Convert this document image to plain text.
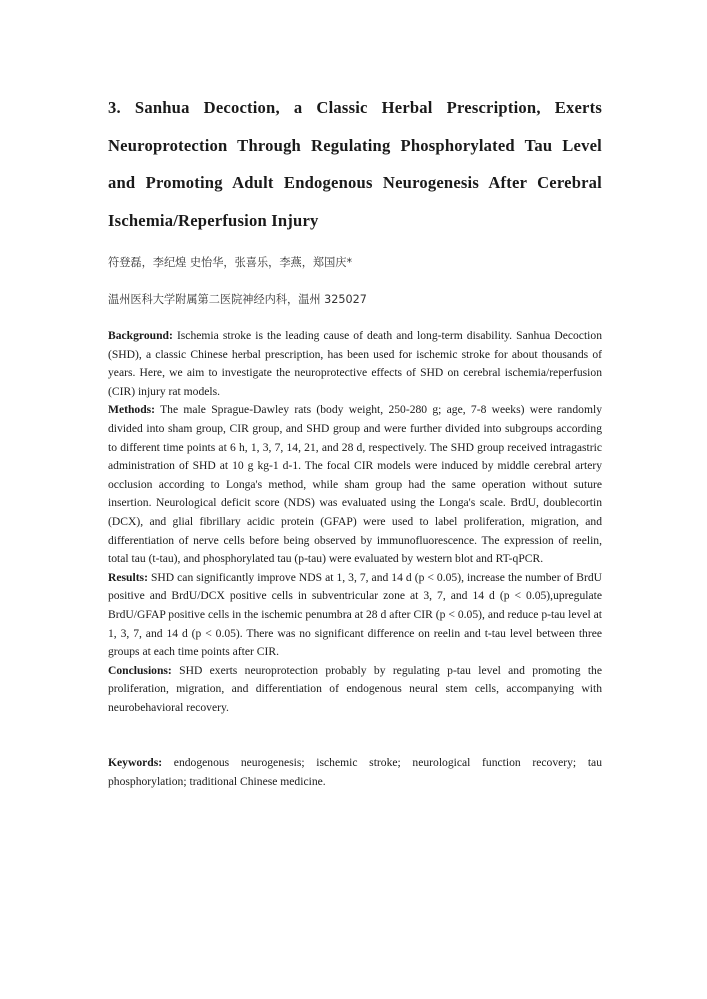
3. Sanhua Decoction, a Classic Herbal Prescription, Exerts Neuroprotection Through Regulating Phosphorylated Tau Level and Promoting Adult Endogenous Neurogenesis After Cerebral Ischemia/Reperfusion Injury

符登磊，李纪煌 史怡华，张喜乐，李燕，郑国庆*

温州医科大学附属第二医院神经内科，温州 325027

Background: Ischemia stroke is the leading cause of death and long-term disability. Sanhua Decoction (SHD), a classic Chinese herbal prescription, has been used for ischemic stroke for about thousands of years. Here, we aim to investigate the neuroprotective effects of SHD on cerebral ischemia/reperfusion (CIR) injury rat models.

Methods: The male Sprague-Dawley rats (body weight, 250-280 g; age, 7-8 weeks) were randomly divided into sham group, CIR group, and SHD group and were further divided into subgroups according to different time points at 6 h, 1, 3, 7, 14, 21, and 28 d, respectively. The SHD group received intragastric administration of SHD at 10 g kg-1 d-1. The focal CIR models were induced by middle cerebral artery occlusion according to Longa's method, while sham group had the same operation without suture insertion. Neurological deficit score (NDS) was evaluated using the Longa's scale. BrdU, doublecortin (DCX), and glial fibrillary acidic protein (GFAP) were used to label proliferation, migration, and differentiation of nerve cells before being observed by immunofluorescence. The expression of reelin, total tau (t-tau), and phosphorylated tau (p-tau) were evaluated by western blot and RT-qPCR.

Results: SHD can significantly improve NDS at 1, 3, 7, and 14 d (p < 0.05), increase the number of BrdU positive and BrdU/DCX positive cells in subventricular zone at 3, 7, and 14 d (p < 0.05),upregulate BrdU/GFAP positive cells in the ischemic penumbra at 28 d after CIR (p < 0.05), and reduce p-tau level at 1, 3, 7, and 14 d (p < 0.05). There was no significant difference on reelin and t-tau level between three groups at each time points after CIR.

Conclusions: SHD exerts neuroprotection probably by regulating p-tau level and promoting the proliferation, migration, and differentiation of endogenous neural stem cells, accompanying with neurobehavioral recovery.

Keywords: endogenous neurogenesis; ischemic stroke; neurological function recovery; tau phosphorylation; traditional Chinese medicine.
